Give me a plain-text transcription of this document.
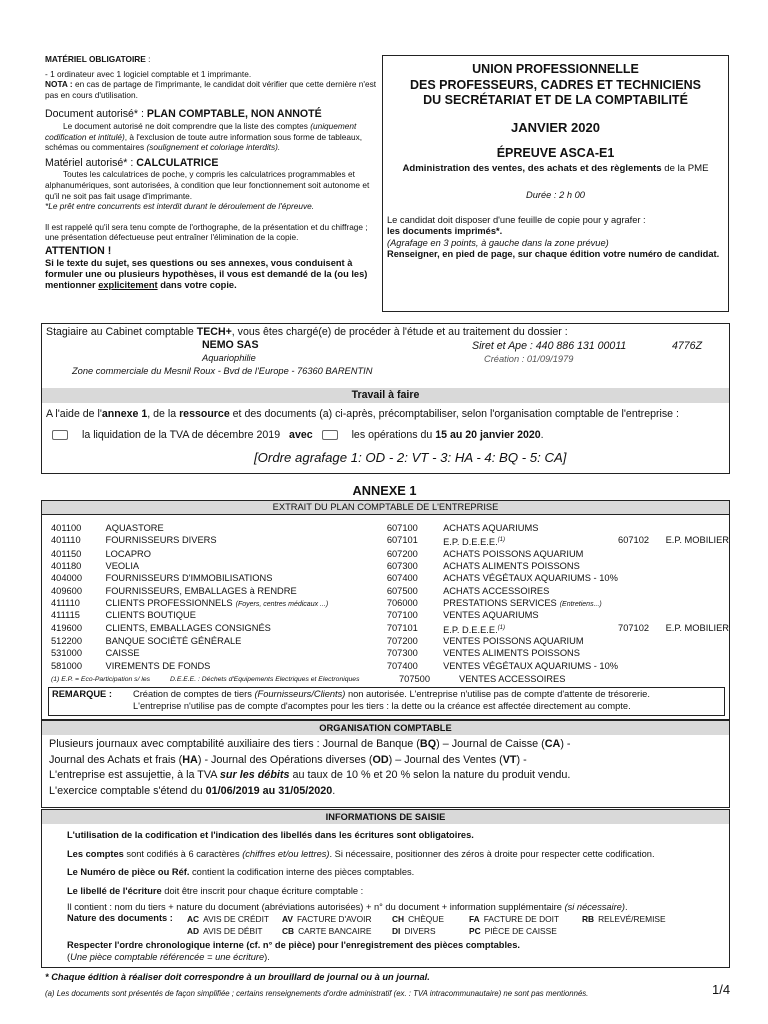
MATÉRIEL OBLIGATOIRE :
- 1 ordinateur avec 1 logiciel comptable et 1 imprimante.
NOTA : en cas de partage de l'imprimante, le candidat doit vérifier que cette dernière n'est pas en cours d'utilisation.
Document autorisé* : PLAN COMPTABLE, NON ANNOTÉ
Le document autorisé ne doit comprendre que la liste des comptes (uniquement codification et intitulé), à l'exclusion de toute autre information sous forme de tableaux, schémas ou commentaires (soulignement et coloriage interdits).
Matériel autorisé* : CALCULATRICE
Toutes les calculatrices de poche, y compris les calculatrices programmables et alphanumériques, sont autorisées, à condition que leur fonctionnement soit autonome et qu'il ne soit pas fait usage d'imprimante.
*Le prêt entre concurrents est interdit durant le déroulement de l'épreuve.
Il est rappelé qu'il sera tenu compte de l'orthographe, de la présentation et du chiffrage ; une présentation défectueuse peut entraîner l'élimination de la copie.
ATTENTION !
Si le texte du sujet, ses questions ou ses annexes, vous conduisent à formuler une ou plusieurs hypothèses, il vous est demandé de la (ou les) mentionner explicitement dans votre copie.
UNION PROFESSIONNELLE
DES PROFESSEURS, CADRES ET TECHNICIENS
DU SECRÉTARIAT ET DE LA COMPTABILITÉ
JANVIER 2020
ÉPREUVE ASCA-E1
Administration des ventes, des achats et des règlements de la PME
Durée : 2 h 00
Le candidat doit disposer d'une feuille de copie pour y agrafer :
les documents imprimés*.
(Agrafage en 3 points, à gauche dans la zone prévue)
Renseigner, en pied de page, sur chaque édition votre numéro de candidat.
Stagiaire au Cabinet comptable TECH+, vous êtes chargé(e) de procéder à l'étude et au traitement du dossier :
NEMO SAS
Aquariophilie
Zone commerciale du Mesnil Roux - Bvd de l'Europe - 76360 BARENTIN
Siret et Ape : 440 886 131 00011	4776Z
Création : 01/09/1979
Travail à faire
A l'aide de l'annexe 1, de la ressource et des documents (a) ci-après, précomptabiliser, selon l'organisation comptable de l'entreprise :
la liquidation de la TVA de décembre 2019 avec	les opérations du 15 au 20 janvier 2020.
[Ordre agrafage 1: OD - 2: VT - 3: HA - 4: BQ - 5: CA]
ANNEXE 1
EXTRAIT DU PLAN COMPTABLE DE L'ENTREPRISE
401100	AQUASTORE	607100	ACHATS AQUARIUMS		
401110	FOURNISSEURS DIVERS	607101	E.P. D.E.E.E.$^{(1)}$	607102	E.P. MOBILIER
401150	LOCAPRO	607200	ACHATS POISSONS AQUARIUM		
401180	VEOLIA	607300	ACHATS ALIMENTS POISSONS		
404000	FOURNISSEURS D'IMMOBILISATIONS	607400	ACHATS VÉGÉTAUX AQUARIUMS - 10%		
409600	FOURNISSEURS, EMBALLAGES à RENDRE	607500	ACHATS ACCESSOIRES		
411110	CLIENTS PROFESSIONNELS (Foyers, centres médicaux ...)	706000	PRESTATIONS SERVICES (Entretiens...)		
411115	CLIENTS BOUTIQUE	707100	VENTES AQUARIUMS		
419600	CLIENTS, EMBALLAGES CONSIGNÉS	707101	E.P. D.E.E.E.$^{(1)}$	707102	E.P. MOBILIER
512200	BANQUE SOCIÉTÉ GÉNÉRALE	707200	VENTES POISSONS AQUARIUM		
531000	CAISSE	707300	VENTES ALIMENTS POISSONS		
581000	VIREMENTS DE FONDS	707400	VENTES VÉGÉTAUX AQUARIUMS - 10%		
(1) E.P. = Eco-Participation s/ les	D.E.E.E. : Déchets d'Equipements Electriques et Electroniques	707500	VENTES ACCESSOIRES
REMARQUE : Création de comptes de tiers (Fournisseurs/Clients) non autorisée. L'entreprise n'utilise pas de compte d'attente de trésorerie.
L'entreprise n'utilise pas de compte d'acomptes pour les tiers : la dette ou la créance est affectée directement au compte.
ORGANISATION COMPTABLE
Plusieurs journaux avec comptabilité auxiliaire des tiers : Journal de Banque (BQ) – Journal de Caisse (CA) -
Journal des Achats et frais (HA) - Journal des Opérations diverses (OD) – Journal des Ventes (VT) -
L'entreprise est assujettie, à la TVA sur les débits au taux de 10 % et 20 % selon la nature du produit vendu.
L'exercice comptable s'étend du 01/06/2019 au 31/05/2020.
INFORMATIONS DE SAISIE
L'utilisation de la codification et l'indication des libellés dans les écritures sont obligatoires.
Les comptes sont codifiés à 6 caractères (chiffres et/ou lettres). Si nécessaire, positionner des zéros à droite pour respecter cette codification.
Le Numéro de pièce ou Réf. contient la codification interne des pièces comptables.
Le libellé de l'écriture doit être inscrit pour chaque écriture comptable :
Il contient : nom du tiers + nature du document (abréviations autorisées) + n° du document + information supplémentaire (si nécessaire).
Nature des documents : AC AVIS DE CRÉDIT AV FACTURE D'AVOIR CH CHÈQUE	FA FACTURE DE DOIT	RB RELEVÉ/REMISE
AD AVIS DE DÉBIT CB CARTE BANCAIRE DI DIVERS	PC PIÈCE DE CAISSE
Respecter l'ordre chronologique interne (cf. n° de pièce) pour l'enregistrement des pièces comptables.
(Une pièce comptable référencée = une écriture).
* Chaque édition à réaliser doit correspondre à un brouillard de journal ou à un journal.
(a) Les documents sont présentés de façon simplifiée ; certains renseignements d'ordre administratif (ex. : TVA intracommunautaire) ne sont pas mentionnés.	1/4
